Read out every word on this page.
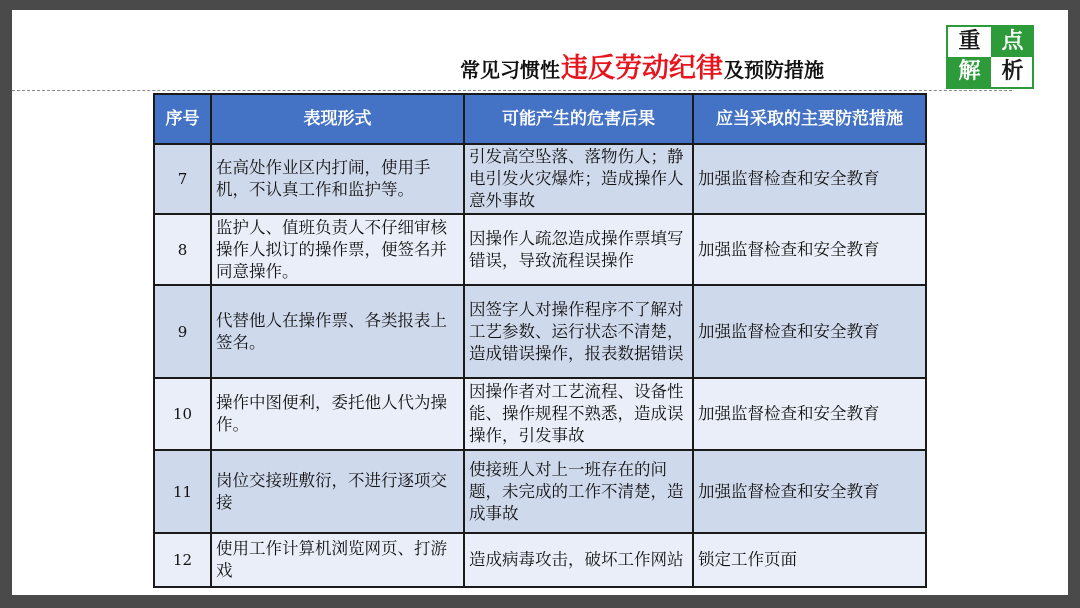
常见习惯性 违反劳动纪律 及预防措施
重 点
解 析
序号	表现形式	可能产生的危害后果	应当采取的主要防范措施
7	在高处作业区内打闹，使用手机，不认真工作和监护等。	引发高空坠落、落物伤人；静电引发火灾爆炸；造成操作人意外事故	加强监督检查和安全教育
8	监护人、值班负责人不仔细审核操作人拟订的操作票，便签名并同意操作。	因操作人疏忽造成操作票填写错误，导致流程误操作	加强监督检查和安全教育
9	代替他人在操作票、各类报表上签名。	因签字人对操作程序不了解对工艺参数、运行状态不清楚，造成错误操作，报表数据错误	加强监督检查和安全教育
10	操作中图便利，委托他人代为操作。	因操作者对工艺流程、设备性能、操作规程不熟悉，造成误操作，引发事故	加强监督检查和安全教育
11	岗位交接班敷衍，不进行逐项交接	使接班人对上一班存在的问题，未完成的工作不清楚，造成事故	加强监督检查和安全教育
12	使用工作计算机浏览网页、打游戏	造成病毒攻击，破坏工作网站	锁定工作页面
